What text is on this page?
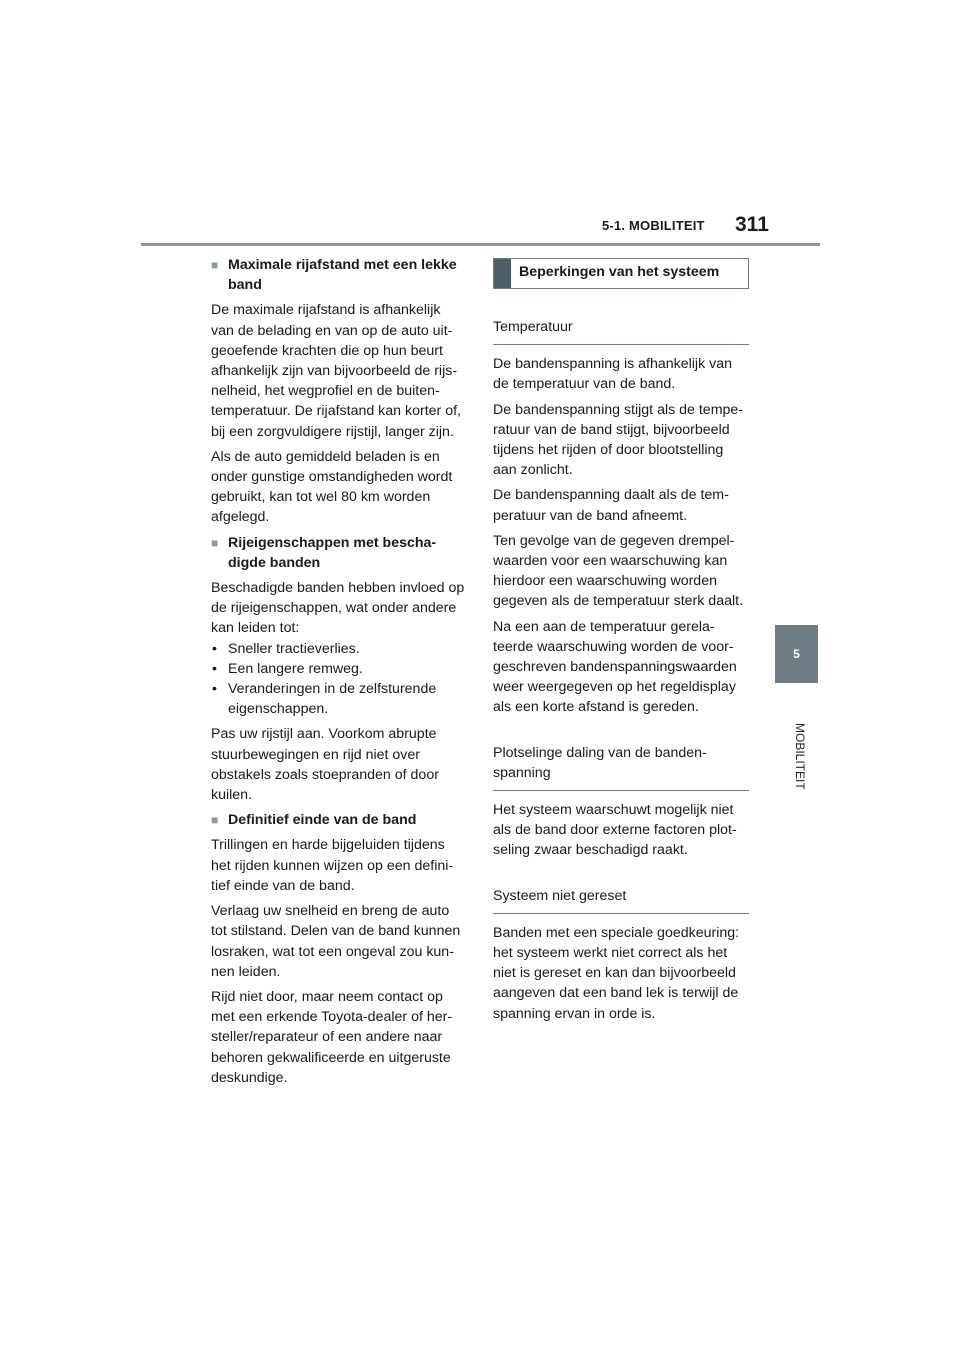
5-1. MOBILITEIT 311
5
MOBILITEIT
■ Maximale rijafstand met een lekke band

De maximale rijafstand is afhankelijk van de belading en van op de auto uit-geoefende krachten die op hun beurt afhankelijk zijn van bijvoorbeeld de rijs-nelheid, het wegprofiel en de buiten-temperatuur. De rijafstand kan korter of, bij een zorgvuldigere rijstijl, langer zijn.

Als de auto gemiddeld beladen is en onder gunstige omstandigheden wordt gebruikt, kan tot wel 80 km worden afgelegd.

■ Rijeigenschappen met bescha-digde banden

Beschadigde banden hebben invloed op de rijeigenschappen, wat onder andere kan leiden tot:

• Sneller tractieverlies.
• Een langere remweg.
• Veranderingen in de zelfsturende eigenschappen.

Pas uw rijstijl aan. Voorkom abrupte stuurbewegingen en rijd niet over obstakels zoals stoepranden of door kuilen.

■ Definitief einde van de band

Trillingen en harde bijgeluiden tijdens het rijden kunnen wijzen op een defini-tief einde van de band.

Verlaag uw snelheid en breng de auto tot stilstand. Delen van de band kunnen losraken, wat tot een ongeval zou kun-nen leiden.

Rijd niet door, maar neem contact op met een erkende Toyota-dealer of her-steller/reparateur of een andere naar behoren gekwalificeerde en uitgeruste deskundige.

Beperkingen van het systeem
Temperatuur

De bandenspanning is afhankelijk van de temperatuur van de band.

De bandenspanning stijgt als de tempe-ratuur van de band stijgt, bijvoorbeeld tijdens het rijden of door blootstelling aan zonlicht.

De bandenspanning daalt als de tem-peratuur van de band afneemt.

Ten gevolge van de gegeven drempel-waarden voor een waarschuwing kan hierdoor een waarschuwing worden gegeven als de temperatuur sterk daalt.

Na een aan de temperatuur gerela-teerde waarschuwing worden de voor-geschreven bandenspanningswaarden weer weergegeven op het regeldisplay als een korte afstand is gereden.

Plotselinge daling van de banden-spanning

Het systeem waarschuwt mogelijk niet als de band door externe factoren plot-seling zwaar beschadigd raakt.

Systeem niet gereset

Banden met een speciale goedkeuring: het systeem werkt niet correct als het niet is gereset en kan dan bijvoorbeeld aangeven dat een band lek is terwijl de spanning ervan in orde is.
